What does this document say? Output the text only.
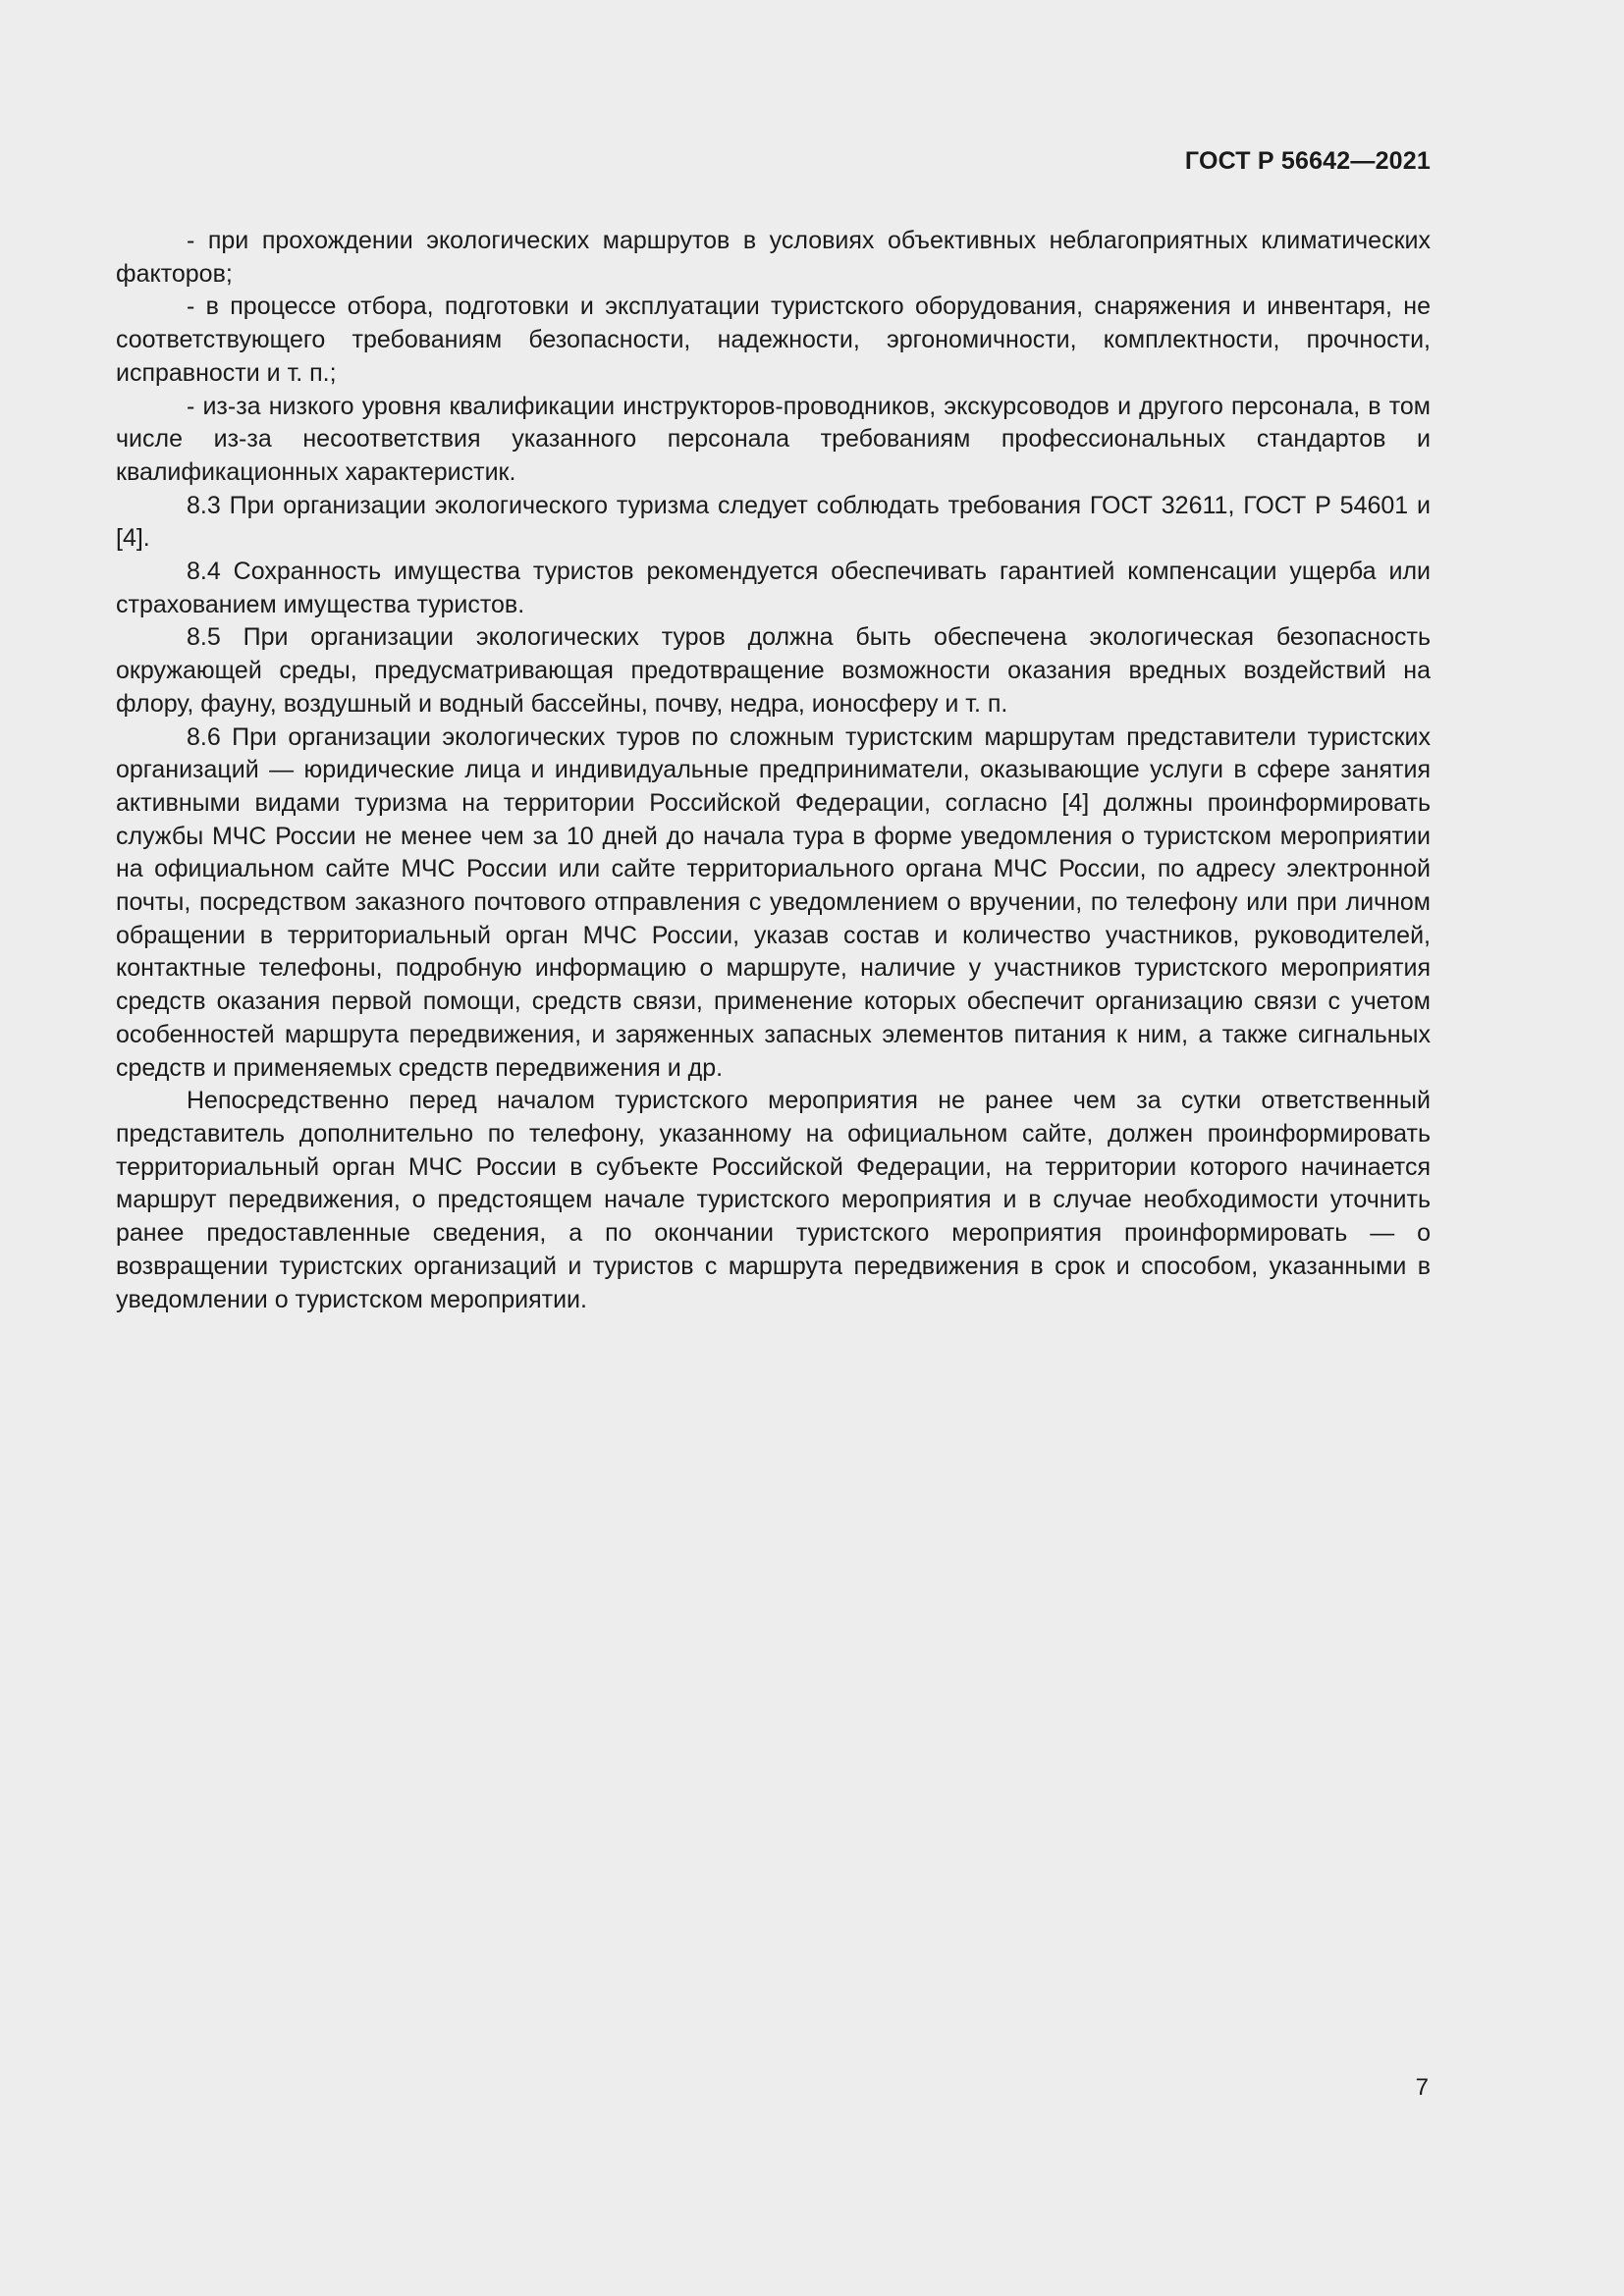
ГОСТ Р 56642—2021

- при прохождении экологических маршрутов в условиях объективных неблагоприятных климатических факторов;

- в процессе отбора, подготовки и эксплуатации туристского оборудования, снаряжения и инвентаря, не соответствующего требованиям безопасности, надежности, эргономичности, комплектности, прочности, исправности и т. п.;

- из-за низкого уровня квалификации инструкторов-проводников, экскурсоводов и другого персонала, в том числе из-за несоответствия указанного персонала требованиям профессиональных стандартов и квалификационных характеристик.

8.3 При организации экологического туризма следует соблюдать требования ГОСТ 32611, ГОСТ Р 54601 и [4].

8.4 Сохранность имущества туристов рекомендуется обеспечивать гарантией компенсации ущерба или страхованием имущества туристов.

8.5 При организации экологических туров должна быть обеспечена экологическая безопасность окружающей среды, предусматривающая предотвращение возможности оказания вредных воздействий на флору, фауну, воздушный и водный бассейны, почву, недра, ионосферу и т. п.

8.6 При организации экологических туров по сложным туристским маршрутам представители туристских организаций — юридические лица и индивидуальные предприниматели, оказывающие услуги в сфере занятия активными видами туризма на территории Российской Федерации, согласно [4] должны проинформировать службы МЧС России не менее чем за 10 дней до начала тура в форме уведомления о туристском мероприятии на официальном сайте МЧС России или сайте территориального органа МЧС России, по адресу электронной почты, посредством заказного почтового отправления с уведомлением о вручении, по телефону или при личном обращении в территориальный орган МЧС России, указав состав и количество участников, руководителей, контактные телефоны, подробную информацию о маршруте, наличие у участников туристского мероприятия средств оказания первой помощи, средств связи, применение которых обеспечит организацию связи с учетом особенностей маршрута передвижения, и заряженных запасных элементов питания к ним, а также сигнальных средств и применяемых средств передвижения и др.

Непосредственно перед началом туристского мероприятия не ранее чем за сутки ответственный представитель дополнительно по телефону, указанному на официальном сайте, должен проинформировать территориальный орган МЧС России в субъекте Российской Федерации, на территории которого начинается маршрут передвижения, о предстоящем начале туристского мероприятия и в случае необходимости уточнить ранее предоставленные сведения, а по окончании туристского мероприятия проинформировать — о возвращении туристских организаций и туристов с маршрута передвижения в срок и способом, указанными в уведомлении о туристском мероприятии.

7
